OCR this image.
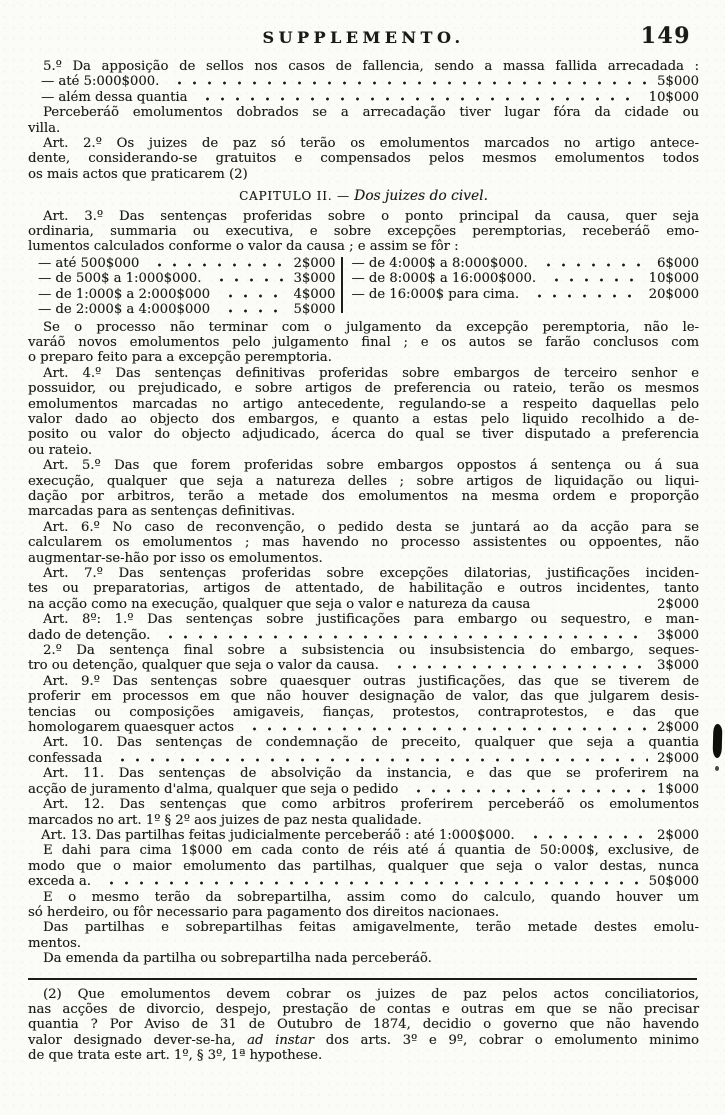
SUPPLEMENTO.	149
5.º Da apposição de sellos nos casos de fallencia, sendo a massa fallida arrecadada :
— até 5:000$000.	5$000
— além dessa quantia	10$000
Perceberáõ emolumentos dobrados se a arrecadação tiver lugar fóra da cidade ou
villa.
Art. 2.º Os juizes de paz só terão os emolumentos marcados no artigo antece-
dente, considerando-se gratuitos e compensados pelos mesmos emolumentos todos
os mais actos que praticarem (2)
CAPITULO II. — Dos juizes do civel.
Art. 3.º Das sentenças proferidas sobre o ponto principal da causa, quer seja
ordinaria, summaria ou executiva, e sobre excepções peremptorias, receberáõ emo-
lumentos calculados conforme o valor da causa ; e assim se fôr :
— até 500$000	2$000
— de 500$ a 1:000$000.	3$000
— de 1:000$ a 2:000$000	4$000
— de 2:000$ a 4:000$000	5$000
— de 4:000$ a 8:000$000.	6$000
— de 8:000$ a 16:000$000.	10$000
— de 16:000$ para cima.	20$000
Se o processo não terminar com o julgamento da excepção peremptoria, não le-
varáõ novos emolumentos pelo julgamento final ; e os autos se farão conclusos com
o preparo feito para a excepção peremptoria.
Art. 4.º Das sentenças definitivas proferidas sobre embargos de terceiro senhor e
possuidor, ou prejudicado, e sobre artigos de preferencia ou rateio, terão os mesmos
emolumentos marcadas no artigo antecedente, regulando-se a respeito daquellas pelo
valor dado ao objecto dos embargos, e quanto a estas pelo liquido recolhido a de-
posito ou valor do objecto adjudicado, ácerca do qual se tiver disputado a preferencia
ou rateio.
Art. 5.º Das que forem proferidas sobre embargos oppostos á sentença ou á sua
execução, qualquer que seja a natureza delles ; sobre artigos de liquidação ou liqui-
dação por arbitros, terão a metade dos emolumentos na mesma ordem e proporção
marcadas para as sentenças definitivas.
Art. 6.º No caso de reconvenção, o pedido desta se juntará ao da acção para se
calcularem os emolumentos ; mas havendo no processo assistentes ou oppoentes, não
augmentar-se-hão por isso os emolumentos.
Art. 7.º Das sentenças proferidas sobre excepções dilatorias, justificações inciden-
tes ou preparatorias, artigos de attentado, de habilitação e outros incidentes, tanto
na acção como na execução, qualquer que seja o valor e natureza da causa	2$000
Art. 8º: 1.º Das sentenças sobre justificações para embargo ou sequestro, e man-
dado de detenção.	3$000
2.º Da sentença final sobre a subsistencia ou insubsistencia do embargo, seques-
tro ou detenção, qualquer que seja o valor da causa.	3$000
Art. 9.º Das sentenças sobre quaesquer outras justificações, das que se tiverem de
proferir em processos em que não houver designação de valor, das que julgarem desis-
tencias ou composições amigaveis, fianças, protestos, contraprotestos, e das que
homologarem quaesquer actos	2$000
Art. 10. Das sentenças de condemnação de preceito, qualquer que seja a quantia
confessada	2$000
Art. 11. Das sentenças de absolvição da instancia, e das que se proferirem na
acção de juramento d'alma, qualquer que seja o pedido	1$000
Art. 12. Das sentenças que como arbitros proferirem perceberáõ os emolumentos
marcados no art. 1º § 2º aos juizes de paz nesta qualidade.
Art. 13. Das partilhas feitas judicialmente perceberáõ : até 1:000$000.	2$000
E dahi para cima 1$000 em cada conto de réis até á quantia de 50:000$, exclusive, de
modo que o maior emolumento das partilhas, qualquer que seja o valor destas, nunca
exceda a.	50$000
E o mesmo terão da sobrepartilha, assim como do calculo, quando houver um
só herdeiro, ou fôr necessario para pagamento dos direitos nacionaes.
Das partilhas e sobrepartilhas feitas amigavelmente, terão metade destes emolu-
mentos.
Da emenda da partilha ou sobrepartilha nada perceberáõ.
(2) Que emolumentos devem cobrar os juizes de paz pelos actos conciliatorios,
nas acções de divorcio, despejo, prestação de contas e outras em que se não precisar
quantia ? Por Aviso de 31 de Outubro de 1874, decidio o governo que não havendo
valor designado dever-se-ha, ad instar dos arts. 3º e 9º, cobrar o emolumento minimo
de que trata este art. 1º, § 3º, 1ª hypothese.
